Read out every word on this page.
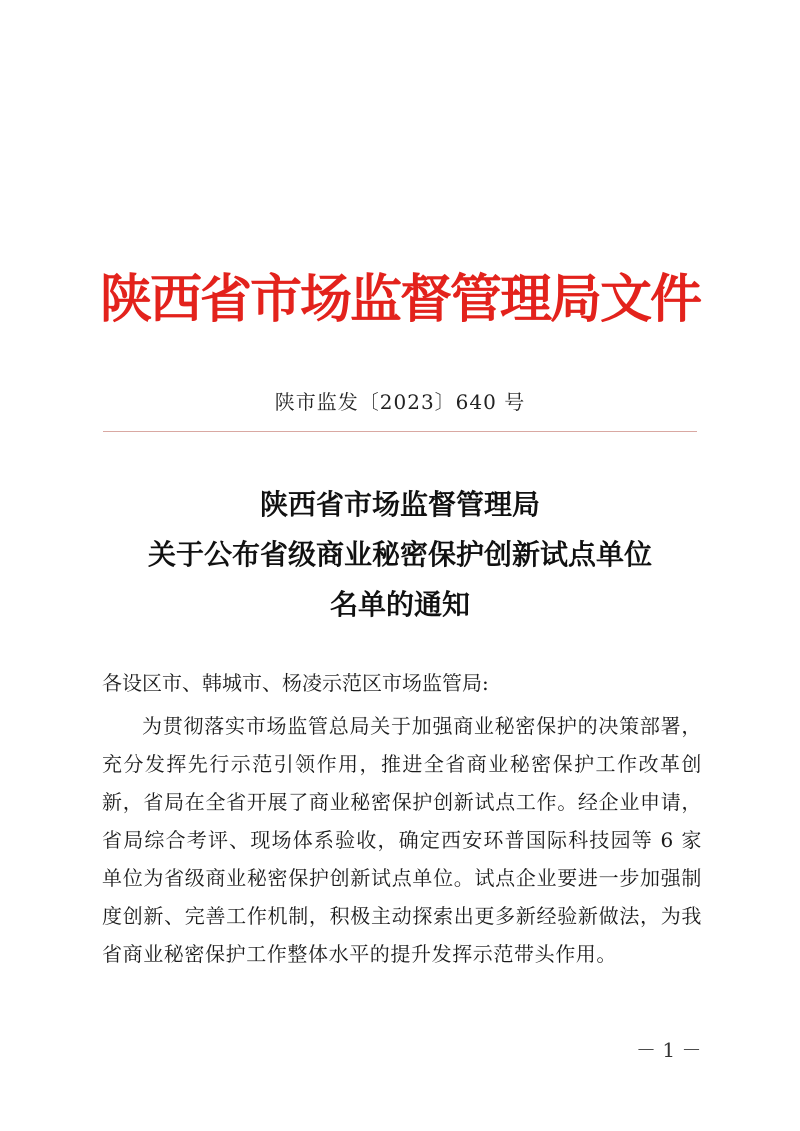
陕西省市场监督管理局文件
陕市监发〔2023〕640 号
陕西省市场监督管理局
关于公布省级商业秘密保护创新试点单位
名单的通知
各设区市、韩城市、杨凌示范区市场监管局:
为贯彻落实市场监管总局关于加强商业秘密保护的决策部署，充分发挥先行示范引领作用，推进全省商业秘密保护工作改革创新，省局在全省开展了商业秘密保护创新试点工作。经企业申请，省局综合考评、现场体系验收，确定西安环普国际科技园等 6 家单位为省级商业秘密保护创新试点单位。试点企业要进一步加强制度创新、完善工作机制，积极主动探索出更多新经验新做法，为我省商业秘密保护工作整体水平的提升发挥示范带头作用。
－ 1 －
